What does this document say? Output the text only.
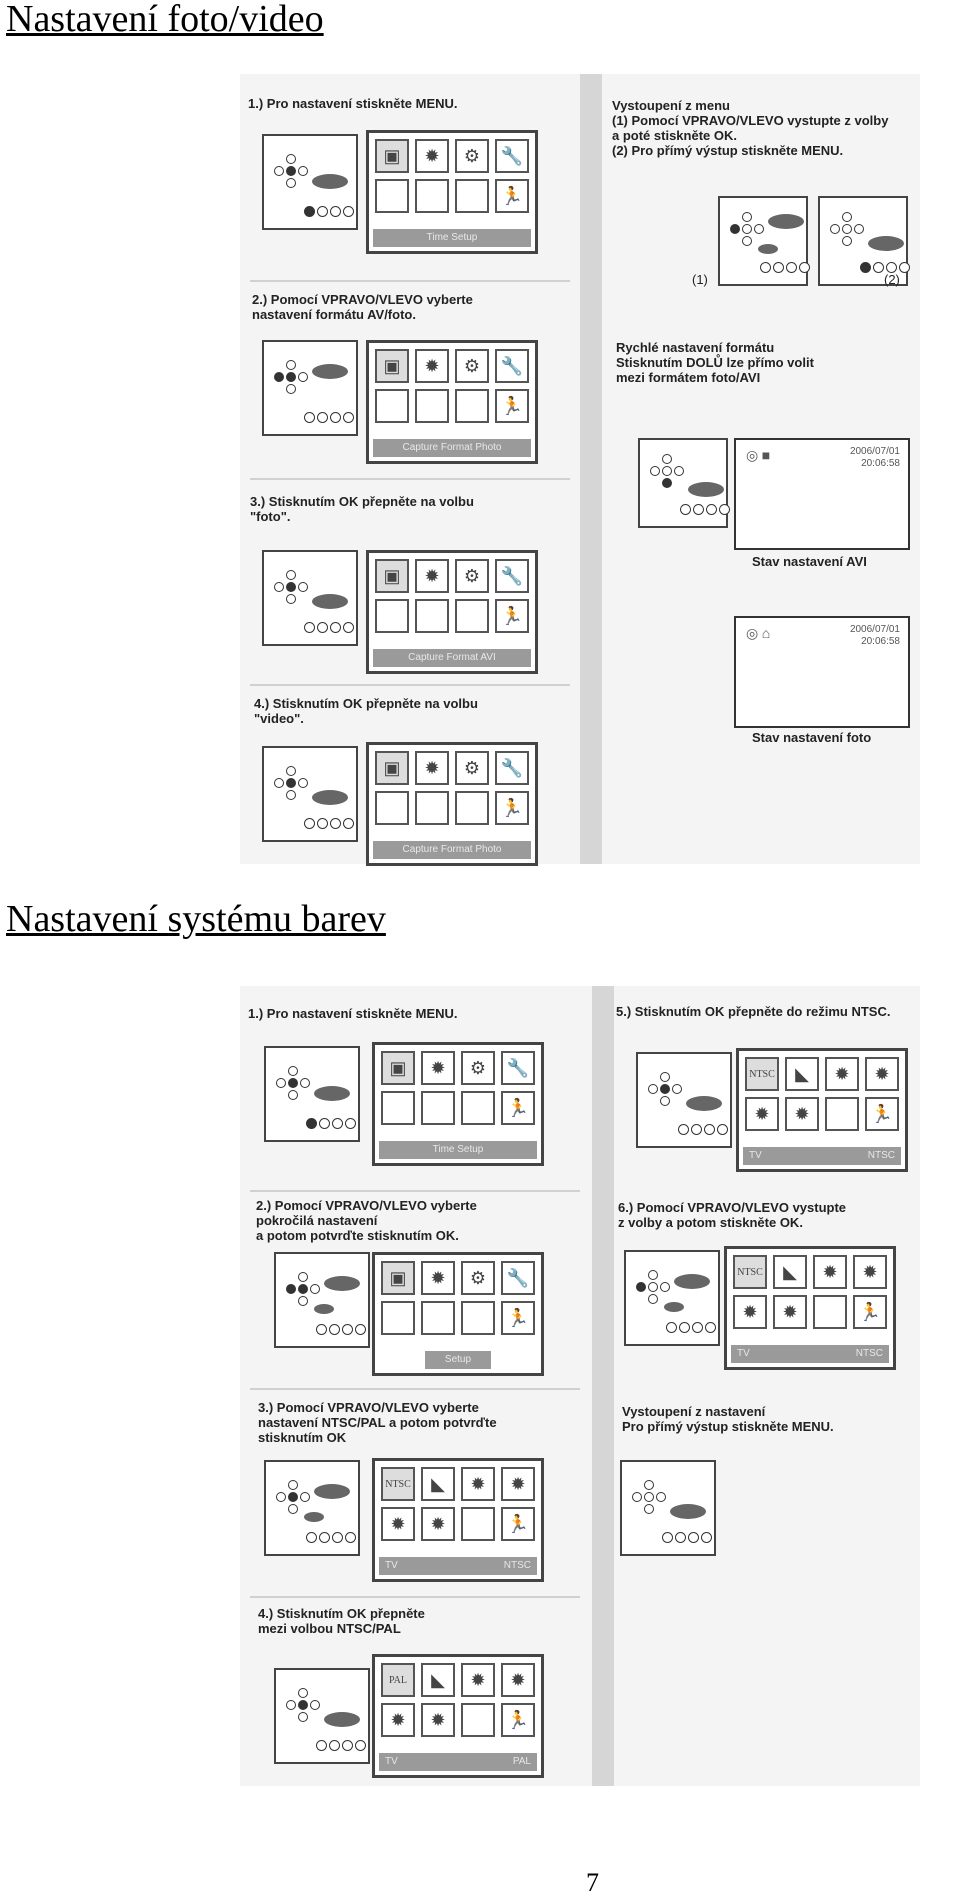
Nastavení foto/video
1.) Pro nastavení stiskněte MENU.
▣	✹	⚙	🔧
🏃
Time Setup
2.) Pomocí VPRAVO/VLEVO vyberte
nastavení formátu AV/foto.
▣	✹	⚙	🔧
🏃
Capture Format Photo
3.) Stisknutím OK přepněte na volbu
"foto".
▣	✹	⚙	🔧
🏃
Capture Format AVI
4.) Stisknutím OK přepněte na volbu
"video".
▣	✹	⚙	🔧
🏃
Capture Format Photo
Vystoupení z menu
(1) Pomocí VPRAVO/VLEVO vystupte z volby
a poté stiskněte OK.
(2) Pro přímý výstup stiskněte MENU.
(1)	(2)
Rychlé nastavení formátu
Stisknutím DOLŮ lze přímo volit
mezi formátem foto/AVI
◎ ■	2006/07/01
20:06:58
Stav nastavení AVI
◎ ⌂	2006/07/01
20:06:58
Stav nastavení foto
Nastavení systému barev
1.) Pro nastavení stiskněte MENU.
▣	✹	⚙	🔧
🏃
Time Setup
2.) Pomocí VPRAVO/VLEVO vyberte
pokročilá nastavení
a potom potvrďte stisknutím OK.
▣	✹	⚙	🔧
🏃
Setup
3.) Pomocí VPRAVO/VLEVO vyberte
nastavení NTSC/PAL a potom potvrďte
stisknutím OK
NTSC	◣	✹	✹
✹	✹	🏃
TV	NTSC
4.) Stisknutím OK přepněte
mezi volbou NTSC/PAL
PAL	◣	✹	✹
✹	✹	🏃
TV	PAL
5.) Stisknutím OK přepněte do režimu NTSC.
NTSC	◣	✹	✹
✹	✹	🏃
TV	NTSC
6.) Pomocí VPRAVO/VLEVO vystupte
z volby a potom stiskněte OK.
NTSC	◣	✹	✹
✹	✹	🏃
TV	NTSC
Vystoupení z nastavení
Pro přímý výstup stiskněte MENU.
7
